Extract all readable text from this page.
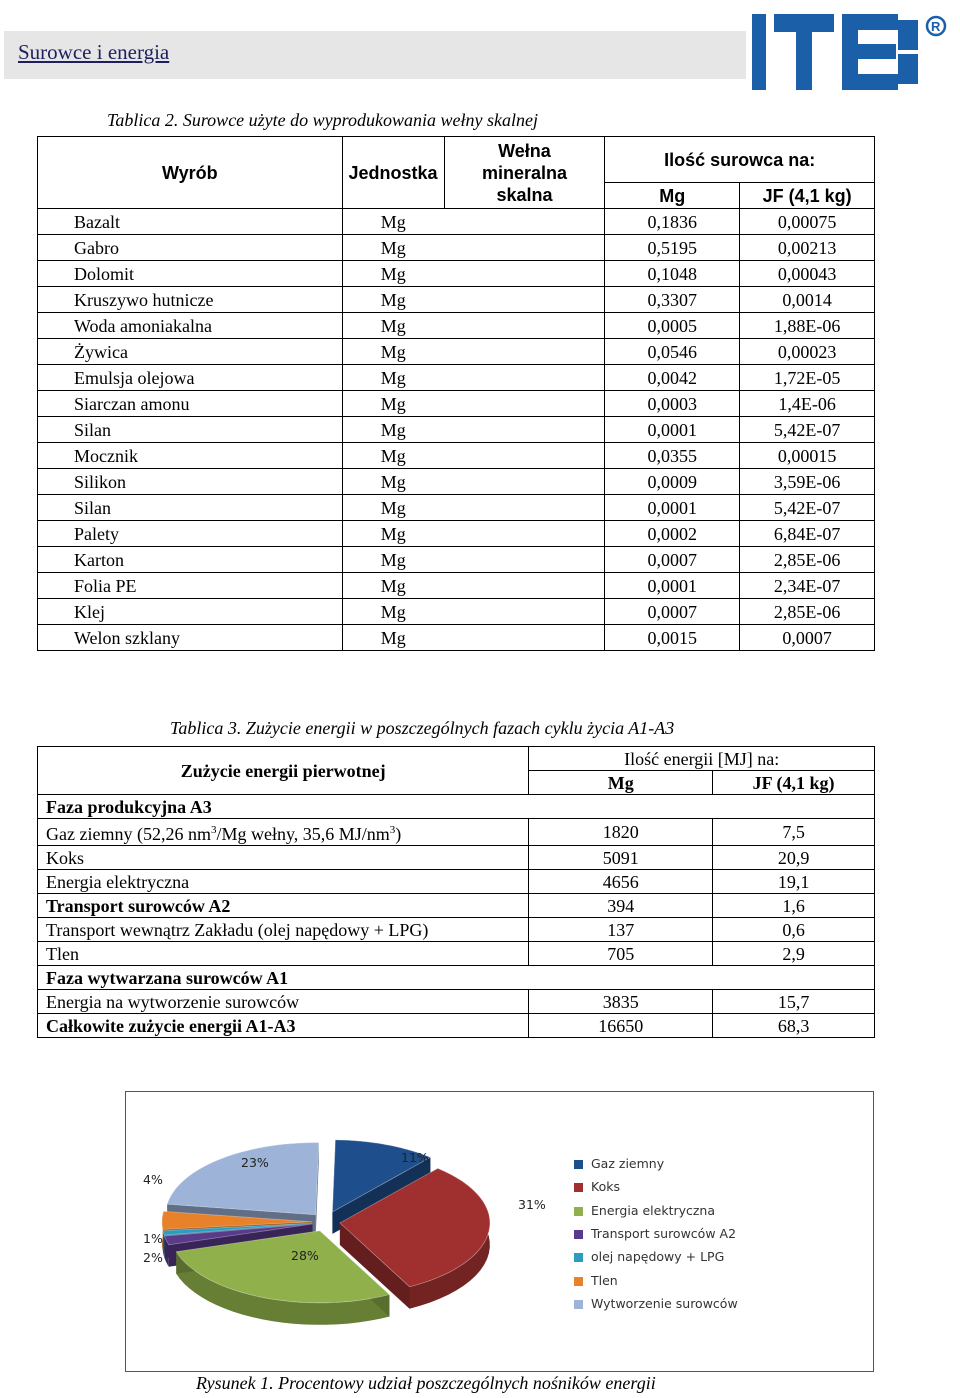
Surowce i energia
R
Tablica 2. Surowce użyte do wyprodukowania wełny skalnej
Wyrób	Jednostka	Wełna mineralna skalna	Ilość surowca na:	
			Mg	JF (4,1 kg)
Bazalt	Mg		0,1836	0,00075
Gabro	Mg		0,5195	0,00213
Dolomit	Mg		0,1048	0,00043
Kruszywo hutnicze	Mg		0,3307	0,0014
Woda amoniakalna	Mg		0,0005	1,88E-06
Żywica	Mg		0,0546	0,00023
Emulsja olejowa	Mg		0,0042	1,72E-05
Siarczan amonu	Mg		0,0003	1,4E-06
Silan	Mg		0,0001	5,42E-07
Mocznik	Mg		0,0355	0,00015
Silikon	Mg		0,0009	3,59E-06
Silan	Mg		0,0001	5,42E-07
Palety	Mg		0,0002	6,84E-07
Karton	Mg		0,0007	2,85E-06
Folia PE	Mg		0,0001	2,34E-07
Klej	Mg		0,0007	2,85E-06
Welon szklany	Mg		0,0015	0,0007
Tablica 3. Zużycie energii w poszczególnych fazach cyklu życia A1-A3
Zużycie energii pierwotnej	Ilość energii [MJ] na:	
	Mg	JF (4,1 kg)
Faza produkcyjna A3		
Gaz ziemny (52,26 $nm^3/Mg$ wełny, 35,6 $MJ/nm^3$)	1820	7,5
Koks	5091	20,9
Energia elektryczna	4656	19,1
Transport surowców A2	394	1,6
Transport wewnątrz Zakładu (olej napędowy + LPG)	137	0,6
Tlen	705	2,9
Faza wytwarzana surowców A1		
Energia na wytworzenie surowców	3835	15,7
Całkowite zużycie energii A1-A3	16650	68,3
11%
31%
28%
2%
1%
4%
23%	Gaz ziemny
Koks
Energia elektryczna
Transport surowców A2
olej napędowy + LPG
Tlen
Wytworzenie surowców
Rysunek 1. Procentowy udział poszczególnych nośników energii
